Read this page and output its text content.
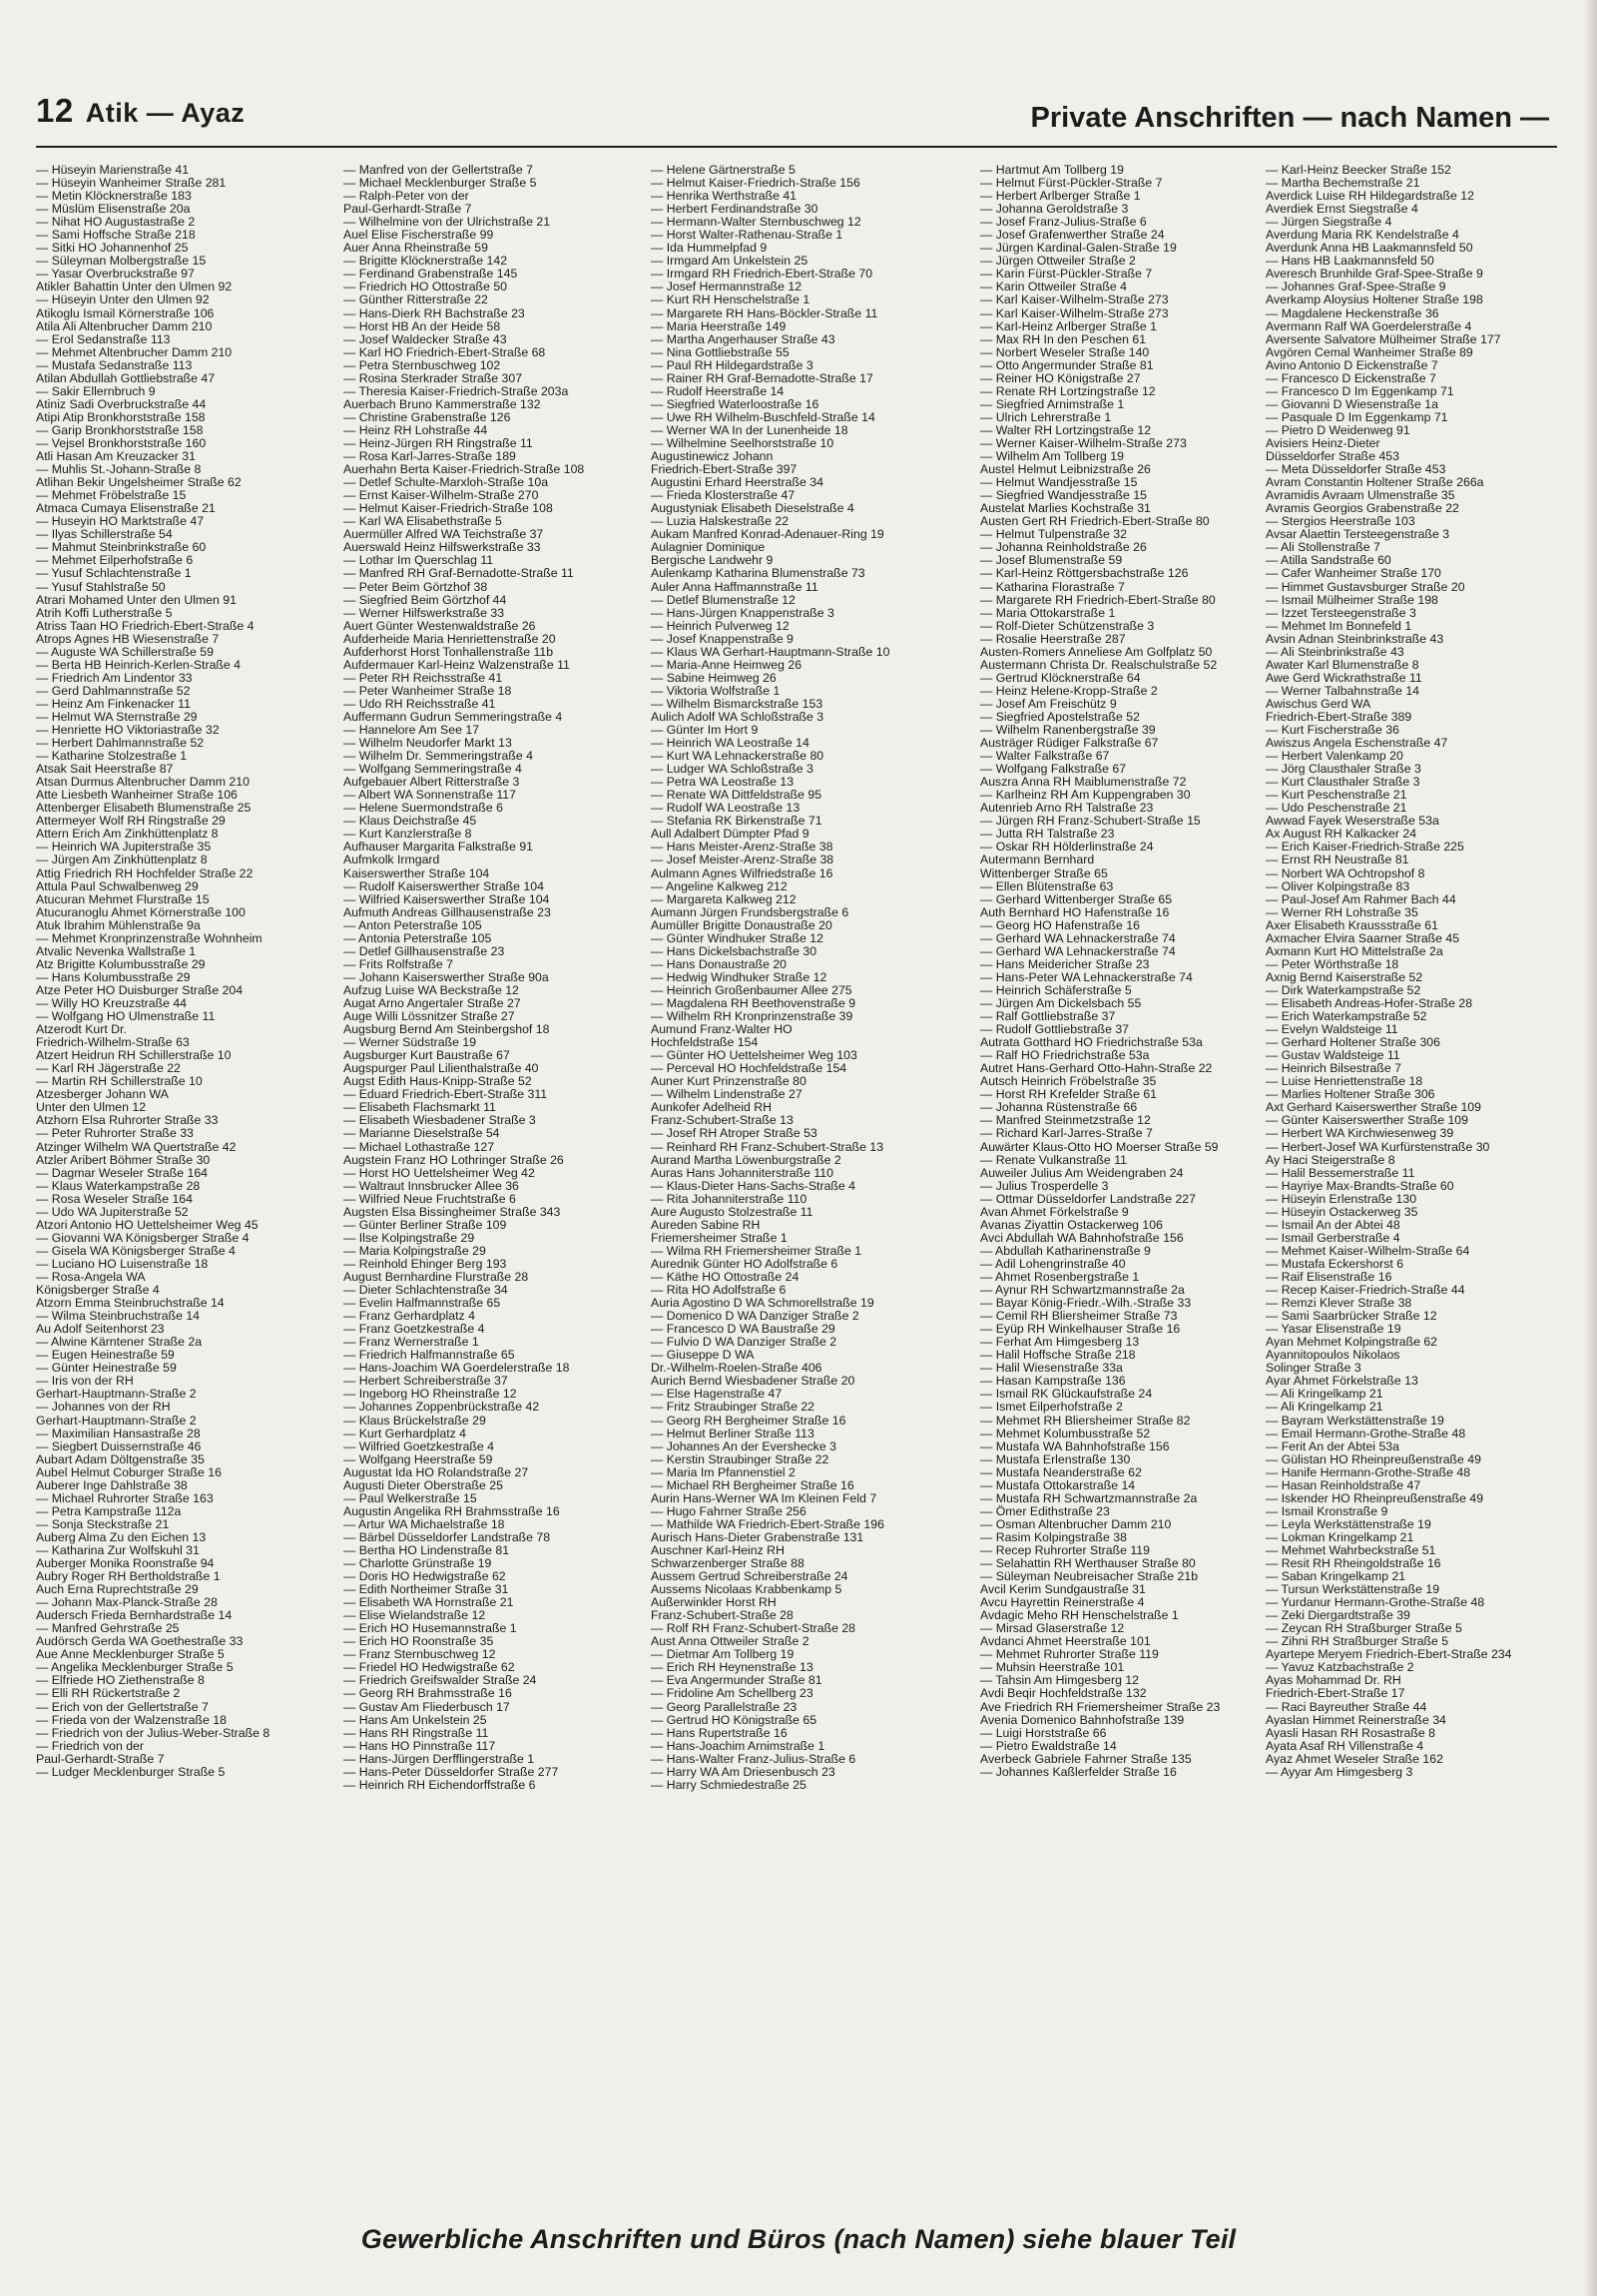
12 Atik — Ayaz	Private Anschriften — nach Namen —
— Hüseyin Marienstraße 41
— Hüseyin Wanheimer Straße 281
— Metin Klöcknerstraße 183
— Müslüm Elisenstraße 20a
— Nihat HO Augustastraße 2
— Sami Hoffsche Straße 218
— Sitki HO Johannenhof 25
— Süleyman Molbergstraße 15
— Yasar Overbruckstraße 97
Atikler Bahattin Unter den Ulmen 92
— Hüseyin Unter den Ulmen 92
Atikoglu Ismail Körnerstraße 106
Atila Ali Altenbrucher Damm 210
— Erol Sedanstraße 113
— Mehmet Altenbrucher Damm 210
— Mustafa Sedanstraße 113
Atilan Abdullah Gottliebstraße 47
— Sakir Ellernbruch 9
Atiniz Sadi Overbruckstraße 44
Atipi Atip Bronkhorststraße 158
— Garip Bronkhorststraße 158
— Vejsel Bronkhorststraße 160
Atli Hasan Am Kreuzacker 31
— Muhlis St.-Johann-Straße 8
Atlihan Bekir Ungelsheimer Straße 62
— Mehmet Fröbelstraße 15
Atmaca Cumaya Elisenstraße 21
— Huseyin HO Marktstraße 47
— Ilyas Schillerstraße 54
— Mahmut Steinbrinkstraße 60
— Mehmet Eilperhofstraße 6
— Yusuf Schlachtenstraße 1
— Yusuf Stahlstraße 50
Atrari Mohamed Unter den Ulmen 91
Atrih Koffi Lutherstraße 5
Atriss Taan HO Friedrich-Ebert-Straße 4
Atrops Agnes HB Wiesenstraße 7
— Auguste WA Schillerstraße 59
— Berta HB Heinrich-Kerlen-Straße 4
— Friedrich Am Lindentor 33
— Gerd Dahlmannstraße 52
— Heinz Am Finkenacker 11
— Helmut WA Sternstraße 29
— Henriette HO Viktoriastraße 32
— Herbert Dahlmannstraße 52
— Katharine Stolzestraße 1
Atsak Sait Heerstraße 87
Atsan Durmus Altenbrucher Damm 210
Atte Liesbeth Wanheimer Straße 106
Attenberger Elisabeth Blumenstraße 25
Attermeyer Wolf RH Ringstraße 29
Attern Erich Am Zinkhüttenplatz 8
— Heinrich WA Jupiterstraße 35
— Jürgen Am Zinkhüttenplatz 8
Attig Friedrich RH Hochfelder Straße 22
Attula Paul Schwalbenweg 29
Atucuran Mehmet Flurstraße 15
Atucuranoglu Ahmet Körnerstraße 100
Atuk Ibrahim Mühlenstraße 9a
— Mehmet Kronprinzenstraße Wohnheim
Atvalic Nevenka Wallstraße 1
Atz Brigitte Kolumbusstraße 29
— Hans Kolumbusstraße 29
Atze Peter HO Duisburger Straße 204
— Willy HO Kreuzstraße 44
— Wolfgang HO Ulmenstraße 11
Atzerodt Kurt Dr.
Friedrich-Wilhelm-Straße 63
Atzert Heidrun RH Schillerstraße 10
— Karl RH Jägerstraße 22
— Martin RH Schillerstraße 10
Atzesberger Johann WA
Unter den Ulmen 12
Atzhorn Elsa Ruhrorter Straße 33
— Peter Ruhrorter Straße 33
Atzinger Wilhelm WA Quertstraße 42
Atzler Aribert Böhmer Straße 30
— Dagmar Weseler Straße 164
— Klaus Waterkampstraße 28
— Rosa Weseler Straße 164
— Udo WA Jupiterstraße 52
Atzori Antonio HO Uettelsheimer Weg 45
— Giovanni WA Königsberger Straße 4
— Gisela WA Königsberger Straße 4
— Luciano HO Luisenstraße 18
— Rosa-Angela WA
Königsberger Straße 4
Atzorn Emma Steinbruchstraße 14
— Wilma Steinbruchstraße 14
Au Adolf Seitenhorst 23
— Alwine Kärntener Straße 2a
— Eugen Heinestraße 59
— Günter Heinestraße 59
— Iris von der RH
Gerhart-Hauptmann-Straße 2
— Johannes von der RH
Gerhart-Hauptmann-Straße 2
— Maximilian Hansastraße 28
— Siegbert Duissernstraße 46
Aubart Adam Döltgenstraße 35
Aubel Helmut Coburger Straße 16
Auberer Inge Dahlstraße 38
— Michael Ruhrorter Straße 163
— Petra Kampstraße 112a
— Sonja Steckstraße 21
Auberg Alma Zu den Eichen 13
— Katharina Zur Wolfskuhl 31
Auberger Monika Roonstraße 94
Aubry Roger RH Bertholdstraße 1
Auch Erna Ruprechtstraße 29
— Johann Max-Planck-Straße 28
Audersch Frieda Bernhardstraße 14
— Manfred Gehrstraße 25
Audörsch Gerda WA Goethestraße 33
Aue Anne Mecklenburger Straße 5
— Angelika Mecklenburger Straße 5
— Elfriede HO Ziethenstraße 8
— Elli RH Rückertstraße 2
— Erich von der Gellertstraße 7
— Frieda von der Walzenstraße 18
— Friedrich von der Julius-Weber-Straße 8
— Friedrich von der
Paul-Gerhardt-Straße 7
— Ludger Mecklenburger Straße 5
— Manfred von der Gellertstraße 7
— Michael Mecklenburger Straße 5
— Ralph-Peter von der
Paul-Gerhardt-Straße 7
— Wilhelmine von der Ulrichstraße 21
Auel Elise Fischerstraße 99
Auer Anna Rheinstraße 59
— Brigitte Klöcknerstraße 142
— Ferdinand Grabenstraße 145
— Friedrich HO Ottostraße 50
— Günther Ritterstraße 22
— Hans-Dierk RH Bachstraße 23
— Horst HB An der Heide 58
— Josef Waldecker Straße 43
— Karl HO Friedrich-Ebert-Straße 68
— Petra Sternbuschweg 102
— Rosina Sterkrader Straße 307
— Theresia Kaiser-Friedrich-Straße 203a
Auerbach Bruno Kammerstraße 132
— Christine Grabenstraße 126
— Heinz RH Lohstraße 44
— Heinz-Jürgen RH Ringstraße 11
— Rosa Karl-Jarres-Straße 189
Auerhahn Berta Kaiser-Friedrich-Straße 108
— Detlef Schulte-Marxloh-Straße 10a
— Ernst Kaiser-Wilhelm-Straße 270
— Helmut Kaiser-Friedrich-Straße 108
— Karl WA Elisabethstraße 5
Auermüller Alfred WA Teichstraße 37
Auerswald Heinz Hilfswerkstraße 33
— Lothar Im Querschlag 11
— Manfred RH Graf-Bernadotte-Straße 11
— Peter Beim Görtzhof 38
— Siegfried Beim Görtzhof 44
— Werner Hilfswerkstraße 33
Auert Günter Westenwaldstraße 26
Aufderheide Maria Henriettenstraße 20
Aufderhorst Horst Tonhallenstraße 11b
Aufdermauer Karl-Heinz Walzenstraße 11
— Peter RH Reichsstraße 41
— Peter Wanheimer Straße 18
— Udo RH Reichsstraße 41
Auffermann Gudrun Semmeringstraße 4
— Hannelore Am See 17
— Wilhelm Neudorfer Markt 13
— Wilhelm Dr. Semmeringstraße 4
— Wolfgang Semmeringstraße 4
Aufgebauer Albert Ritterstraße 3
— Albert WA Sonnenstraße 117
— Helene Suermondstraße 6
— Klaus Deichstraße 45
— Kurt Kanzlerstraße 8
Aufhauser Margarita Falkstraße 91
Aufmkolk Irmgard
Kaiserswerther Straße 104
— Rudolf Kaiserswerther Straße 104
— Wilfried Kaiserswerther Straße 104
Aufmuth Andreas Gillhausenstraße 23
— Anton Peterstraße 105
— Antonia Peterstraße 105
— Detlef Gillhausenstraße 23
— Frits Rolfstraße 7
— Johann Kaiserswerther Straße 90a
Aufzug Luise WA Beckstraße 12
Augat Arno Angertaler Straße 27
Auge Willi Lössnitzer Straße 27
Augsburg Bernd Am Steinbergshof 18
— Werner Südstraße 19
Augsburger Kurt Baustraße 67
Augspurger Paul Lilienthalstraße 40
Augst Edith Haus-Knipp-Straße 52
— Eduard Friedrich-Ebert-Straße 311
— Elisabeth Flachsmarkt 11
— Elisabeth Wiesbadener Straße 3
— Marianne Dieselstraße 54
— Michael Lothastraße 127
Augstein Franz HO Lothringer Straße 26
— Horst HO Uettelsheimer Weg 42
— Waltraut Innsbrucker Allee 36
— Wilfried Neue Fruchtstraße 6
Augsten Elsa Bissingheimer Straße 343
— Günter Berliner Straße 109
— Ilse Kolpingstraße 29
— Maria Kolpingstraße 29
— Reinhold Ehinger Berg 193
August Bernhardine Flurstraße 28
— Dieter Schlachtenstraße 34
— Evelin Halfmannstraße 65
— Franz Gerhardplatz 4
— Franz Goetzkestraße 4
— Franz Wernerstraße 1
— Friedrich Halfmannstraße 65
— Hans-Joachim WA Goerdelerstraße 18
— Herbert Schreiberstraße 37
— Ingeborg HO Rheinstraße 12
— Johannes Zoppenbrückstraße 42
— Klaus Brückelstraße 29
— Kurt Gerhardplatz 4
— Wilfried Goetzkestraße 4
— Wolfgang Heerstraße 59
Augustat Ida HO Rolandstraße 27
Augusti Dieter Oberstraße 25
— Paul Welkerstraße 15
Augustin Angelika RH Brahmsstraße 16
— Artur WA Michaelstraße 18
— Bärbel Düsseldorfer Landstraße 78
— Bertha HO Lindenstraße 81
— Charlotte Grünstraße 19
— Doris HO Hedwigstraße 62
— Edith Northeimer Straße 31
— Elisabeth WA Hornstraße 21
— Elise Wielandstraße 12
— Erich HO Husemannstraße 1
— Erich HO Roonstraße 35
— Franz Sternbuschweg 12
— Friedel HO Hedwigstraße 62
— Friedrich Greifswalder Straße 24
— Georg RH Brahmsstraße 16
— Gustav Am Fliederbusch 17
— Hans Am Unkelstein 25
— Hans RH Ringstraße 11
— Hans HO Pinnstraße 117
— Hans-Jürgen Derfflingerstraße 1
— Hans-Peter Düsseldorfer Straße 277
— Heinrich RH Eichendorffstraße 6
— Helene Gärtnerstraße 5
— Helmut Kaiser-Friedrich-Straße 156
— Henrika Werthstraße 41
— Herbert Ferdinandstraße 30
— Hermann-Walter Sternbuschweg 12
— Horst Walter-Rathenau-Straße 1
— Ida Hummelpfad 9
— Irmgard Am Unkelstein 25
— Irmgard RH Friedrich-Ebert-Straße 70
— Josef Hermannstraße 12
— Kurt RH Henschelstraße 1
— Margarete RH Hans-Böckler-Straße 11
— Maria Heerstraße 149
— Martha Angerhauser Straße 43
— Nina Gottliebstraße 55
— Paul RH Hildegardstraße 3
— Rainer RH Graf-Bernadotte-Straße 17
— Rudolf Heerstraße 14
— Siegfried Waterloostraße 16
— Uwe RH Wilhelm-Buschfeld-Straße 14
— Werner WA In der Lunenheide 18
— Wilhelmine Seelhorststraße 10
Augustinewicz Johann
Friedrich-Ebert-Straße 397
Augustini Erhard Heerstraße 34
— Frieda Klosterstraße 47
Augustyniak Elisabeth Dieselstraße 4
— Luzia Halskestraße 22
Aukam Manfred Konrad-Adenauer-Ring 19
Aulagnier Dominique
Bergische Landwehr 9
Aulenkamp Katharina Blumenstraße 73
Auler Anna Haffmannstraße 11
— Detlef Blumenstraße 12
— Hans-Jürgen Knappenstraße 3
— Heinrich Pulverweg 12
— Josef Knappenstraße 9
— Klaus WA Gerhart-Hauptmann-Straße 10
— Maria-Anne Heimweg 26
— Sabine Heimweg 26
— Viktoria Wolfstraße 1
— Wilhelm Bismarckstraße 153
Aulich Adolf WA Schloßstraße 3
— Günter Im Hort 9
— Heinrich WA Leostraße 14
— Kurt WA Lehnackerstraße 80
— Ludger WA Schloßstraße 3
— Petra WA Leostraße 13
— Renate WA Dittfeldstraße 95
— Rudolf WA Leostraße 13
— Stefania RK Birkenstraße 71
Aull Adalbert Dümpter Pfad 9
— Hans Meister-Arenz-Straße 38
— Josef Meister-Arenz-Straße 38
Aulmann Agnes Wilfriedstraße 16
— Angeline Kalkweg 212
— Margareta Kalkweg 212
Aumann Jürgen Frundsbergstraße 6
Aumüller Brigitte Donaustraße 20
— Günter Windhuker Straße 12
— Hans Dickelsbachstraße 30
— Hans Donaustraße 20
— Hedwig Windhuker Straße 12
— Heinrich Großenbaumer Allee 275
— Magdalena RH Beethovenstraße 9
— Wilhelm RH Kronprinzenstraße 39
Aumund Franz-Walter HO
Hochfeldstraße 154
— Günter HO Uettelsheimer Weg 103
— Perceval HO Hochfeldstraße 154
Auner Kurt Prinzenstraße 80
— Wilhelm Lindenstraße 27
Aunkofer Adelheid RH
Franz-Schubert-Straße 13
— Josef RH Atroper Straße 53
— Reinhard RH Franz-Schubert-Straße 13
Aurand Martha Löwenburgstraße 2
Auras Hans Johanniterstraße 110
— Klaus-Dieter Hans-Sachs-Straße 4
— Rita Johanniterstraße 110
Aure Augusto Stolzestraße 11
Aureden Sabine RH
Friemersheimer Straße 1
— Wilma RH Friemersheimer Straße 1
Aurednik Günter HO Adolfstraße 6
— Käthe HO Ottostraße 24
— Rita HO Adolfstraße 6
Auria Agostino D WA Schmorellstraße 19
— Domenico D WA Danziger Straße 2
— Francesco D WA Baustraße 29
— Fulvio D WA Danziger Straße 2
— Giuseppe D WA
Dr.-Wilhelm-Roelen-Straße 406
Aurich Bernd Wiesbadener Straße 20
— Else Hagenstraße 47
— Fritz Straubinger Straße 22
— Georg RH Bergheimer Straße 16
— Helmut Berliner Straße 113
— Johannes An der Evershecke 3
— Kerstin Straubinger Straße 22
— Maria Im Pfannenstiel 2
— Michael RH Bergheimer Straße 16
Aurin Hans-Werner WA Im Kleinen Feld 7
— Hugo Fahrner Straße 256
— Mathilde WA Friedrich-Ebert-Straße 196
Aurisch Hans-Dieter Grabenstraße 131
Auschner Karl-Heinz RH
Schwarzenberger Straße 88
Aussem Gertrud Schreiberstraße 24
Aussems Nicolaas Krabbenkamp 5
Außerwinkler Horst RH
Franz-Schubert-Straße 28
— Rolf RH Franz-Schubert-Straße 28
Aust Anna Ottweiler Straße 2
— Dietmar Am Tollberg 19
— Erich RH Heynenstraße 13
— Eva Angermunder Straße 81
— Fridoline Am Schellberg 23
— Georg Parallelstraße 23
— Gertrud HO Königstraße 65
— Hans Rupertstraße 16
— Hans-Joachim Arnimstraße 1
— Hans-Walter Franz-Julius-Straße 6
— Harry WA Am Driesenbusch 23
— Harry Schmiedestraße 25
— Hartmut Am Tollberg 19
— Helmut Fürst-Pückler-Straße 7
— Herbert Arlberger Straße 1
— Johanna Geroldstraße 3
— Josef Franz-Julius-Straße 6
— Josef Grafenwerther Straße 24
— Jürgen Kardinal-Galen-Straße 19
— Jürgen Ottweiler Straße 2
— Karin Fürst-Pückler-Straße 7
— Karin Ottweiler Straße 4
— Karl Kaiser-Wilhelm-Straße 273
— Karl Kaiser-Wilhelm-Straße 273
— Karl-Heinz Arlberger Straße 1
— Max RH In den Peschen 61
— Norbert Weseler Straße 140
— Otto Angermunder Straße 81
— Reiner HO Königstraße 27
— Renate RH Lortzingstraße 12
— Siegfried Arnimstraße 1
— Ulrich Lehrerstraße 1
— Walter RH Lortzingstraße 12
— Werner Kaiser-Wilhelm-Straße 273
— Wilhelm Am Tollberg 19
Austel Helmut Leibnizstraße 26
— Helmut Wandjesstraße 15
— Siegfried Wandjesstraße 15
Austelat Marlies Kochstraße 31
Austen Gert RH Friedrich-Ebert-Straße 80
— Helmut Tulpenstraße 32
— Johanna Reinholdstraße 26
— Josef Blumenstraße 59
— Karl-Heinz Röttgersbachstraße 126
— Katharina Florastraße 7
— Margarete RH Friedrich-Ebert-Straße 80
— Maria Ottokarstraße 1
— Rolf-Dieter Schützenstraße 3
— Rosalie Heerstraße 287
Austen-Romers Anneliese Am Golfplatz 50
Austermann Christa Dr. Realschulstraße 52
— Gertrud Klöcknerstraße 64
— Heinz Helene-Kropp-Straße 2
— Josef Am Freischütz 9
— Siegfried Apostelstraße 52
— Wilhelm Ranenbergstraße 39
Austräger Rüdiger Falkstraße 67
— Walter Falkstraße 67
— Wolfgang Falkstraße 67
Auszra Anna RH Maiblumenstraße 72
— Karlheinz RH Am Kuppengraben 30
Autenrieb Arno RH Talstraße 23
— Jürgen RH Franz-Schubert-Straße 15
— Jutta RH Talstraße 23
— Oskar RH Hölderlinstraße 24
Autermann Bernhard
Wittenberger Straße 65
— Ellen Blütenstraße 63
— Gerhard Wittenberger Straße 65
Auth Bernhard HO Hafenstraße 16
— Georg HO Hafenstraße 16
— Gerhard WA Lehnackerstraße 74
— Gerhard WA Lehnackerstraße 74
— Hans Meidericher Straße 23
— Hans-Peter WA Lehnackerstraße 74
— Heinrich Schäferstraße 5
— Jürgen Am Dickelsbach 55
— Ralf Gottliebstraße 37
— Rudolf Gottliebstraße 37
Autrata Gotthard HO Friedrichstraße 53a
— Ralf HO Friedrichstraße 53a
Autret Hans-Gerhard Otto-Hahn-Straße 22
Autsch Heinrich Fröbelstraße 35
— Horst RH Krefelder Straße 61
— Johanna Rüstenstraße 66
— Manfred Steinmetzstraße 12
— Richard Karl-Jarres-Straße 7
Auwärter Klaus-Otto HO Moerser Straße 59
— Renate Vulkanstraße 11
Auweiler Julius Am Weidengraben 24
— Julius Trosperdelle 3
— Ottmar Düsseldorfer Landstraße 227
Avan Ahmet Förkelstraße 9
Avanas Ziyattin Ostackerweg 106
Avci Abdullah WA Bahnhofstraße 156
— Abdullah Katharinenstraße 9
— Adil Lohengrinstraße 40
— Ahmet Rosenbergstraße 1
— Aynur RH Schwartzmannstraße 2a
— Bayar König-Friedr.-Wilh.-Straße 33
— Cemil RH Bliersheimer Straße 73
— Eyüp RH Winkelhauser Straße 16
— Ferhat Am Himgesberg 13
— Halil Hoffsche Straße 218
— Halil Wiesenstraße 33a
— Hasan Kampstraße 136
— Ismail RK Glückaufstraße 24
— Ismet Eilperhofstraße 2
— Mehmet RH Bliersheimer Straße 82
— Mehmet Kolumbusstraße 52
— Mustafa WA Bahnhofstraße 156
— Mustafa Erlenstraße 130
— Mustafa Neanderstraße 62
— Mustafa Ottokarstraße 14
— Mustafa RH Schwartzmannstraße 2a
— Ömer Edithstraße 23
— Osman Altenbrucher Damm 210
— Rasim Kolpingstraße 38
— Recep Ruhrorter Straße 119
— Selahattin RH Werthauser Straße 80
— Süleyman Neubreisacher Straße 21b
Avcil Kerim Sundgaustraße 31
Avcu Hayrettin Reinerstraße 4
Avdagic Meho RH Henschelstraße 1
— Mirsad Glaserstraße 12
Avdanci Ahmet Heerstraße 101
— Mehmet Ruhrorter Straße 119
— Muhsin Heerstraße 101
— Tahsin Am Himgesberg 12
Avdi Beqir Hochfeldstraße 132
Ave Friedrich RH Friemersheimer Straße 23
Avenia Domenico Bahnhofstraße 139
— Luigi Horststraße 66
— Pietro Ewaldstraße 14
Averbeck Gabriele Fahrner Straße 135
— Johannes Kaßlerfelder Straße 16
— Karl-Heinz Beecker Straße 152
— Martha Bechemstraße 21
Averdick Luise RH Hildegardstraße 12
Averdiek Ernst Siegstraße 4
— Jürgen Siegstraße 4
Averdung Maria RK Kendelstraße 4
Averdunk Anna HB Laakmannsfeld 50
— Hans HB Laakmannsfeld 50
Averesch Brunhilde Graf-Spee-Straße 9
— Johannes Graf-Spee-Straße 9
Averkamp Aloysius Holtener Straße 198
— Magdalene Heckenstraße 36
Avermann Ralf WA Goerdelerstraße 4
Aversente Salvatore Mülheimer Straße 177
Avgören Cemal Wanheimer Straße 89
Avino Antonio D Eickenstraße 7
— Francesco D Eickenstraße 7
— Francesco D Im Eggenkamp 71
— Giovanni D Wiesenstraße 1a
— Pasquale D Im Eggenkamp 71
— Pietro D Weidenweg 91
Avisiers Heinz-Dieter
Düsseldorfer Straße 453
— Meta Düsseldorfer Straße 453
Avram Constantin Holtener Straße 266a
Avramidis Avraam Ulmenstraße 35
Avramis Georgios Grabenstraße 22
— Stergios Heerstraße 103
Avsar Alaettin Tersteegenstraße 3
— Ali Stollenstraße 7
— Atilla Sandstraße 60
— Cafer Wanheimer Straße 170
— Himmet Gustavsburger Straße 20
— Ismail Mülheimer Straße 198
— Izzet Tersteegenstraße 3
— Mehmet Im Bonnefeld 1
Avsin Adnan Steinbrinkstraße 43
— Ali Steinbrinkstraße 43
Awater Karl Blumenstraße 8
Awe Gerd Wickrathstraße 11
— Werner Talbahnstraße 14
Awischus Gerd WA
Friedrich-Ebert-Straße 389
— Kurt Fischerstraße 36
Awiszus Angela Eschenstraße 47
— Herbert Valenkamp 20
— Jörg Clausthaler Straße 3
— Kurt Clausthaler Straße 3
— Kurt Peschenstraße 21
— Udo Peschenstraße 21
Awwad Fayek Weserstraße 53a
Ax August RH Kalkacker 24
— Erich Kaiser-Friedrich-Straße 225
— Ernst RH Neustraße 81
— Norbert WA Ochtropshof 8
— Oliver Kolpingstraße 83
— Paul-Josef Am Rahmer Bach 44
— Werner RH Lohstraße 35
Axer Elisabeth Kraussstraße 61
Axmacher Elvira Saarner Straße 45
Axmann Kurt HO Mittelstraße 2a
— Peter Wörthstraße 18
Axnig Bernd Kaiserstraße 52
— Dirk Waterkampstraße 52
— Elisabeth Andreas-Hofer-Straße 28
— Erich Waterkampstraße 52
— Evelyn Waldsteige 11
— Gerhard Holtener Straße 306
— Gustav Waldsteige 11
— Heinrich Bilsestraße 7
— Luise Henriettenstraße 18
— Marlies Holtener Straße 306
Axt Gerhard Kaiserswerther Straße 109
— Günter Kaiserswerther Straße 109
— Herbert WA Kirchwiesenweg 39
— Herbert-Josef WA Kurfürstenstraße 30
Ay Haci Steigerstraße 8
— Halil Bessemerstraße 11
— Hayriye Max-Brandts-Straße 60
— Hüseyin Erlenstraße 130
— Hüseyin Ostackerweg 35
— Ismail An der Abtei 48
— Ismail Gerberstraße 4
— Mehmet Kaiser-Wilhelm-Straße 64
— Mustafa Eckershorst 6
— Raif Elisenstraße 16
— Recep Kaiser-Friedrich-Straße 44
— Remzi Klever Straße 38
— Sami Saarbrücker Straße 12
— Yasar Elisenstraße 19
Ayan Mehmet Kolpingstraße 62
Ayannitopoulos Nikolaos
Solinger Straße 3
Ayar Ahmet Förkelstraße 13
— Ali Kringelkamp 21
— Ali Kringelkamp 21
— Bayram Werkstättenstraße 19
— Email Hermann-Grothe-Straße 48
— Ferit An der Abtei 53a
— Gülistan HO Rheinpreußenstraße 49
— Hanife Hermann-Grothe-Straße 48
— Hasan Reinholdstraße 47
— Iskender HO Rheinpreußenstraße 49
— Ismail Kronstraße 9
— Leyla Werkstättenstraße 19
— Lokman Kringelkamp 21
— Mehmet Wahrbeckstraße 51
— Resit RH Rheingoldstraße 16
— Saban Kringelkamp 21
— Tursun Werkstättenstraße 19
— Yurdanur Hermann-Grothe-Straße 48
— Zeki Diergardtstraße 39
— Zeycan RH Straßburger Straße 5
— Zihni RH Straßburger Straße 5
Ayartepe Meryem Friedrich-Ebert-Straße 234
— Yavuz Katzbachstraße 2
Ayas Mohammad Dr. RH
Friedrich-Ebert-Straße 17
— Raci Bayreuther Straße 44
Ayaslan Himmet Reinerstraße 34
Ayasli Hasan RH Rosastraße 8
Ayata Asaf RH Villenstraße 4
Ayaz Ahmet Weseler Straße 162
— Ayyar Am Himgesberg 3
Gewerbliche Anschriften und Büros (nach Namen) siehe blauer Teil
